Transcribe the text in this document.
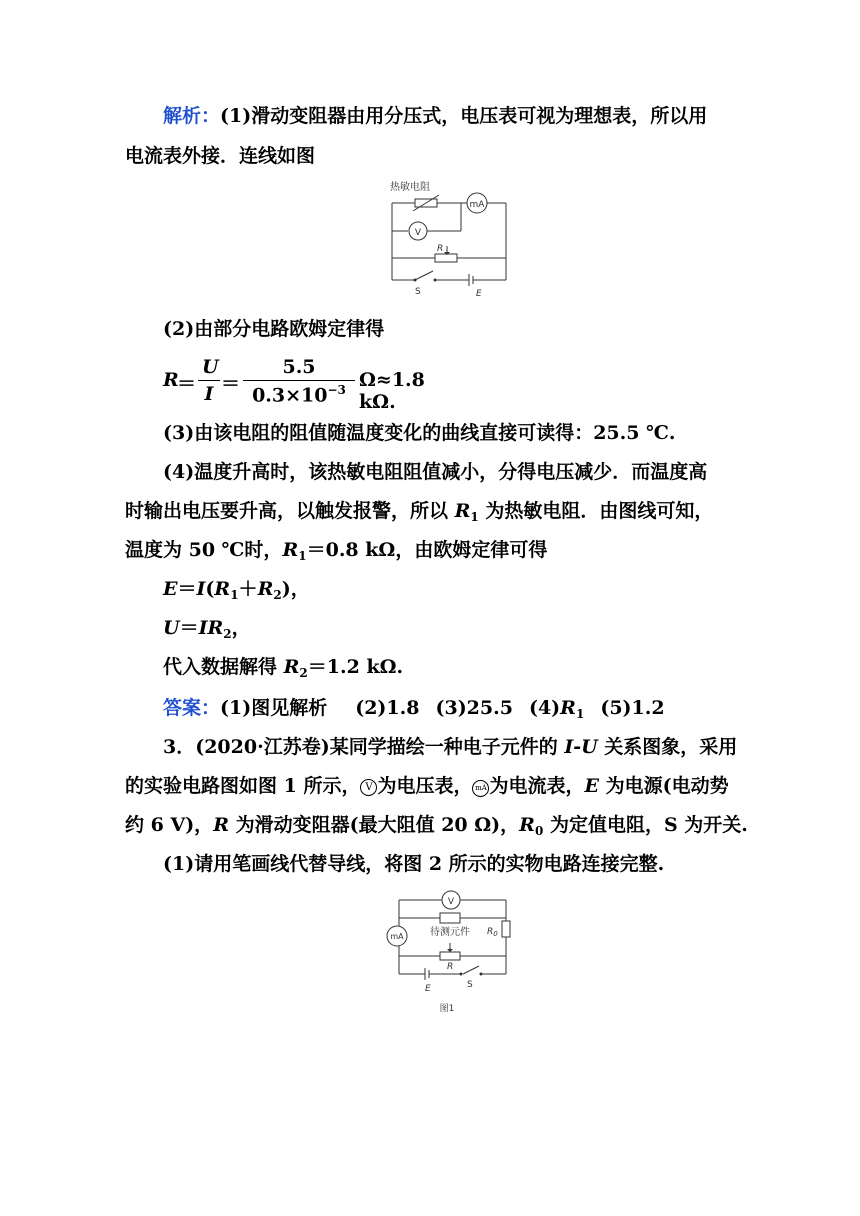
解析：(1)滑动变阻器由用分压式，电压表可视为理想表，所以用
电流表外接．连线如图
热敏电阻
mA
V
R
S	E
(2)由部分电路欧姆定律得
R
＝ $\frac{U}{I} = \frac{5.5}{0.3\times 10^{-3}} \Omega\approx 1.8$ kΩ.
(3)由该电阻的阻值随温度变化的曲线直接可读得：25.5 ℃.
(4)温度升高时，该热敏电阻阻值减小，分得电压减少．而温度高
时输出电压要升高，以触发报警，所以 $R_1$ 为热敏电阻．由图线可知，
温度为 50 ℃时，$R_1=0.8$ kΩ，由欧姆定律可得
$E=I(R_1+R_2)$，
$U=IR_2$，
代入数据解得 $R_2=1.2$ kΩ.
答案：(1)图见解析 (2)1.8 (3)25.5 $(4)R_1$ (5)1.2
3．(2020·江苏卷)某同学描绘一种电子元件的 I-U 关系图象，采用
的实验电路图如图 1 所示， V 为电压表， mA 为电流表，E 为电源(电动势
约 6 V)，R 为滑动变阻器(最大阻值 20 Ω)，$R_0$ 为定值电阻，S 为开关.
(1)请用笔画线代替导线，将图 2 所示的实物电路连接完整.
V
mA	待测元件 $R_0$
R
E	S
图1
